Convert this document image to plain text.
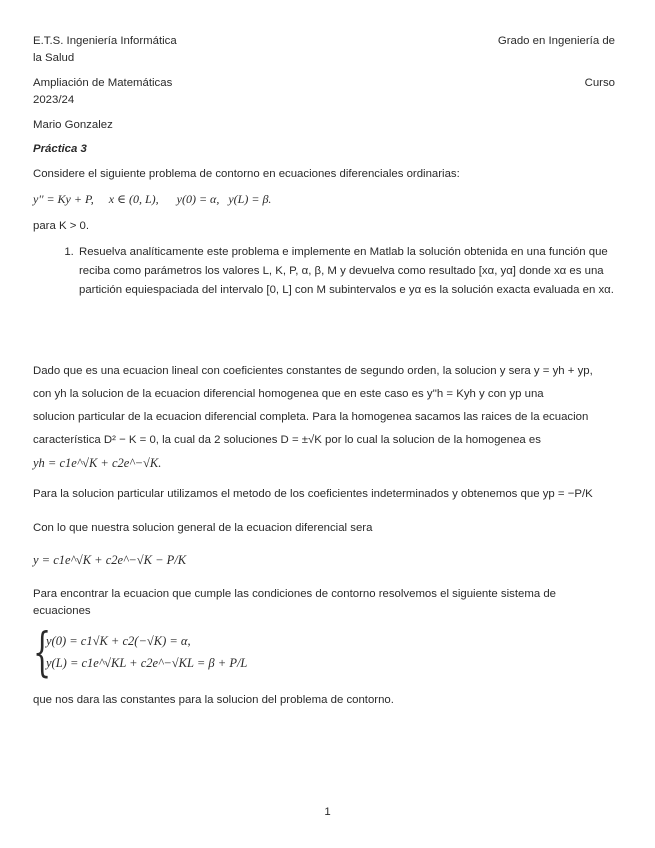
E.T.S. Ingeniería Informática	Grado en Ingeniería de
la Salud
Ampliación de Matemáticas	Curso
2023/24
Mario Gonzalez
Práctica 3
Considere el siguiente problema de contorno en ecuaciones diferenciales ordinarias:
y'' = Ky + P,     x ∈ (0, L),      y(0) = α,   y(L) = β.
para K > 0.
1. Resuelva analíticamente este problema e implemente en Matlab la solución obtenida en una función que reciba como parámetros los valores L, K, P, α, β, M y devuelva como resultado [xα, yα] donde xα es una partición equiespaciada del intervalo [0, L] con M subintervalos e yα es la solución exacta evaluada en xα.
Dado que es una ecuacion lineal con coeficientes constantes de segundo orden, la solucion y sera y = yh + yp,
con yh la solucion de la ecuacion diferencial homogenea que en este caso es y''h = Kyh y con yp una
solucion particular de la ecuacion diferencial completa. Para la homogenea sacamos las raices de la ecuacion
característica D² − K = 0, la cual da 2 soluciones D = ±√K por lo cual la solucion de la homogenea es
yh = c1e^√K + c2e^−√K.
Para la solucion particular utilizamos el metodo de los coeficientes indeterminados y obtenemos que yp = −P/K
Con lo que nuestra solucion general de la ecuacion diferencial sera
y = c1e^√K + c2e^−√K − P/K
Para encontrar la ecuacion que cumple las condiciones de contorno resolvemos el siguiente sistema de ecuaciones
{
y(0) = c1√K + c2(−√K) = α,
y(L) = c1e^√KL + c2e^−√KL = β + P/L
que nos dara las constantes para la solucion del problema de contorno.
1
